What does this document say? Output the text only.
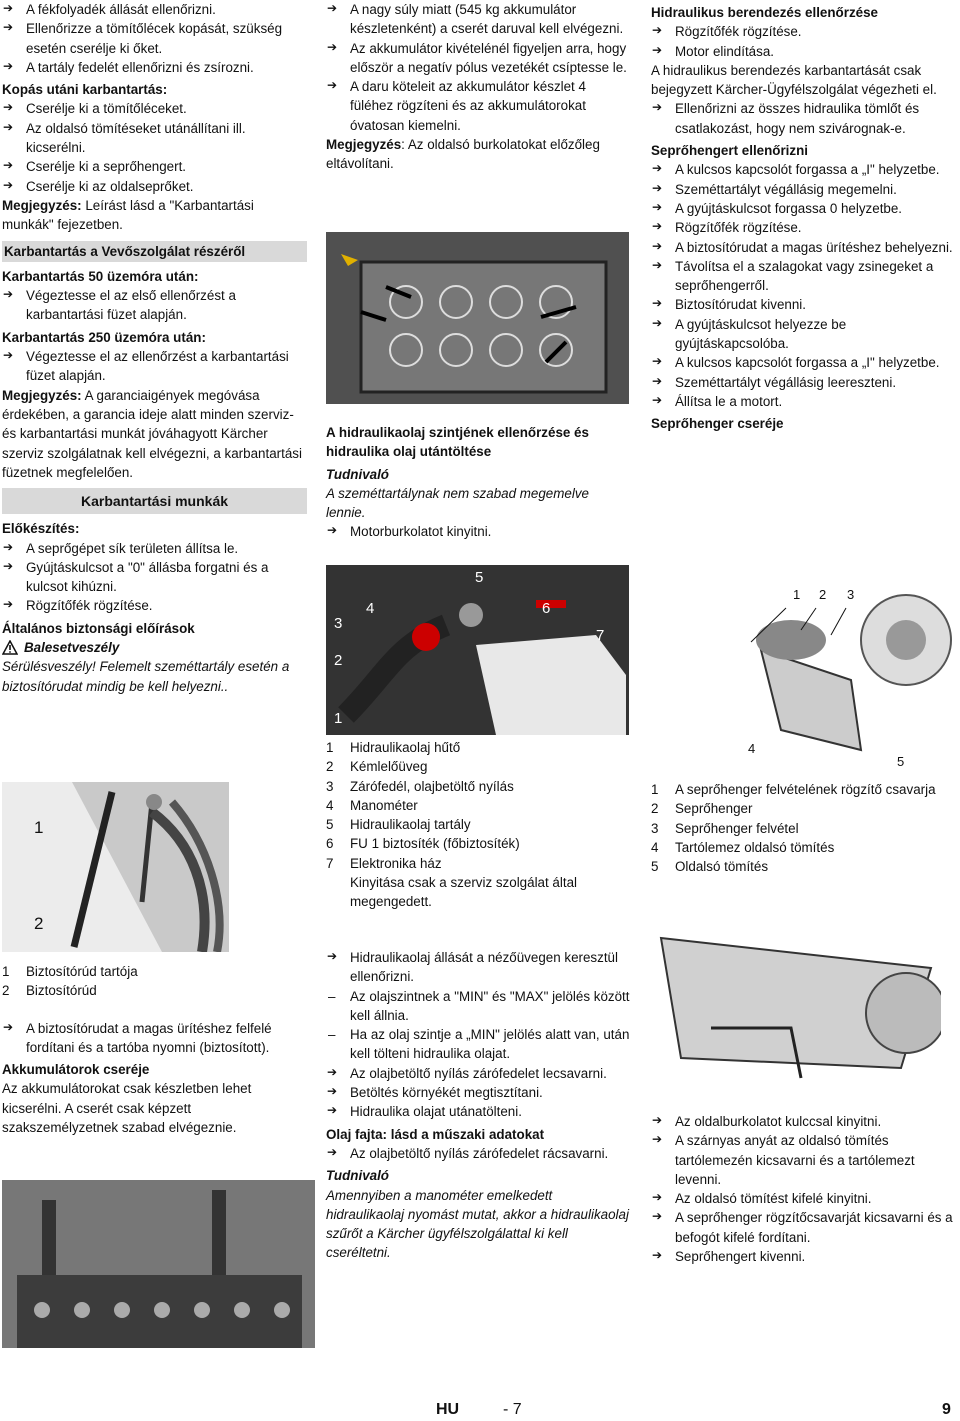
➔ A fékfolyadék állását ellenőrizni.
➔ Ellenőrizze a tömítőlécek kopását, szükség esetén cserélje ki őket.
➔ A tartály fedelét ellenőrizni és zsírozni.
Kopás utáni karbantartás:
➔ Cserélje ki a tömítőléceket.
➔ Az oldalsó tömítéseket utánállítani ill. kicserélni.
➔ Cserélje ki a seprőhengert.
➔ Cserélje ki az oldalseprőket.
Megjegyzés: Leírást lásd a "Karbantartási munkák" fejezetben.
Karbantartás a Vevőszolgálat részéről
Karbantartás 50 üzemóra után:
➔ Végeztesse el az első ellenőrzést a karbantartási füzet alapján.
Karbantartás 250 üzemóra után:
➔ Végeztesse el az ellenőrzést a karbantartási füzet alapján.
Megjegyzés: A garanciaigények megóvása érdekében, a garancia ideje alatt minden szerviz- és karbantartási munkát jóváhagyott Kärcher szerviz szolgálatnak kell elvégezni, a karbantartási füzetnek megfelelően.
Karbantartási munkák
Előkészítés:
➔ A seprőgépet sík területen állítsa le.
➔ Gyújtáskulcsot a "0" állásba forgatni és a kulcsot kihúzni.
➔ Rögzítőfék rögzítése.
Általános biztonsági előírások
Balesetveszély
Sérülésveszély! Felemelt szeméttartály esetén a biztosítórudat mindig be kell helyezni..
1
2
1	Biztosítórúd tartója
2	Biztosítórúd
➔ A biztosítórudat a magas ürítéshez felfelé fordítani és a tartóba nyomni (biztosított).
Akkumulátorok cseréje
Az akkumulátorokat csak készletben lehet kicserélni. A cserét csak képzett szakszemélyzetnek szabad elvégeznie.
➔ A nagy súly miatt (545 kg akkumulátor készletenként) a cserét daruval kell elvégezni.
➔ Az akkumulátor kivételénél figyeljen arra, hogy először a negatív pólus vezetékét csíptesse le.
➔ A daru köteleit az akkumulátor készlet 4 füléhez rögzíteni és az akkumulátorokat óvatosan kiemelni.
Megjegyzés: Az oldalsó burkolatokat előzőleg eltávolítani.
A hidraulikaolaj szintjének ellenőrzése és hidraulika olaj utántöltése
Tudnivaló
A szeméttartálynak nem szabad megemelve lennie.
➔ Motorburkolatot kinyitni.
1
2
3
4
5
6
7
1	Hidraulikaolaj hűtő
2	Kémlelőüveg
3	Zárófedél, olajbetöltő nyílás
4	Manométer
5	Hidraulikaolaj tartály
6	FU 1 biztosíték (főbiztosíték)
7	Elektronika ház
Kinyitása csak a szerviz szolgálat által megengedett.
➔ Hidraulikaolaj állását a nézőüvegen keresztül ellenőrizni.
– Az olajszintnek a "MIN" és "MAX" jelölés között kell állnia.
– Ha az olaj szintje a „MIN" jelölés alatt van, után kell tölteni hidraulika olajat.
➔ Az olajbetöltő nyílás zárófedelet lecsavarni.
➔ Betöltés környékét megtisztítani.
➔ Hidraulika olajat utánatölteni.
Olaj fajta: lásd a műszaki adatokat
➔ Az olajbetöltő nyílás zárófedelet rácsavarni.
Tudnivaló
Amennyiben a manométer emelkedett hidraulikaolaj nyomást mutat, akkor a hidraulikaolaj szűrőt a Kärcher ügyfélszolgálattal ki kell cseréltetni.
Hidraulikus berendezés ellenőrzése
➔ Rögzítőfék rögzítése.
➔ Motor elindítása.
A hidraulikus berendezés karbantartását csak bejegyzett Kärcher-Ügyfélszolgálat végezheti el.
➔ Ellenőrizni az összes hidraulika tömlőt és csatlakozást, hogy nem szivárognak-e.
Seprőhengert ellenőrizni
➔ A kulcsos kapcsolót forgassa a „I" helyzetbe.
➔ Szeméttartályt végállásig megemelni.
➔ A gyújtáskulcsot forgassa 0 helyzetbe.
➔ Rögzítőfék rögzítése.
➔ A biztosítórudat a magas ürítéshez behelyezni.
➔ Távolítsa el a szalagokat vagy zsinegeket a seprőhengerről.
➔ Biztosítórudat kivenni.
➔ A gyújtáskulcsot helyezze be gyújtáskapcsolóba.
➔ A kulcsos kapcsolót forgassa a „I" helyzetbe.
➔ Szeméttartályt végállásig leereszteni.
➔ Állítsa le a motort.
Seprőhenger cseréje
1 2 3
4
5
1	A seprőhenger felvételének rögzítő csavarja
2	Seprőhenger
3	Seprőhenger felvétel
4	Tartólemez oldalsó tömítés
5	Oldalsó tömítés
➔ Az oldalburkolatot kulccsal kinyitni.
➔ A szárnyas anyát az oldalsó tömítés tartólemezén kicsavarni és a tartólemezt levenni.
➔ Az oldalsó tömítést kifelé kinyitni.
➔ A seprőhenger rögzítőcsavarját kicsavarni és a befogót kifelé fordítani.
➔ Seprőhengert kivenni.
HU	- 7	9
